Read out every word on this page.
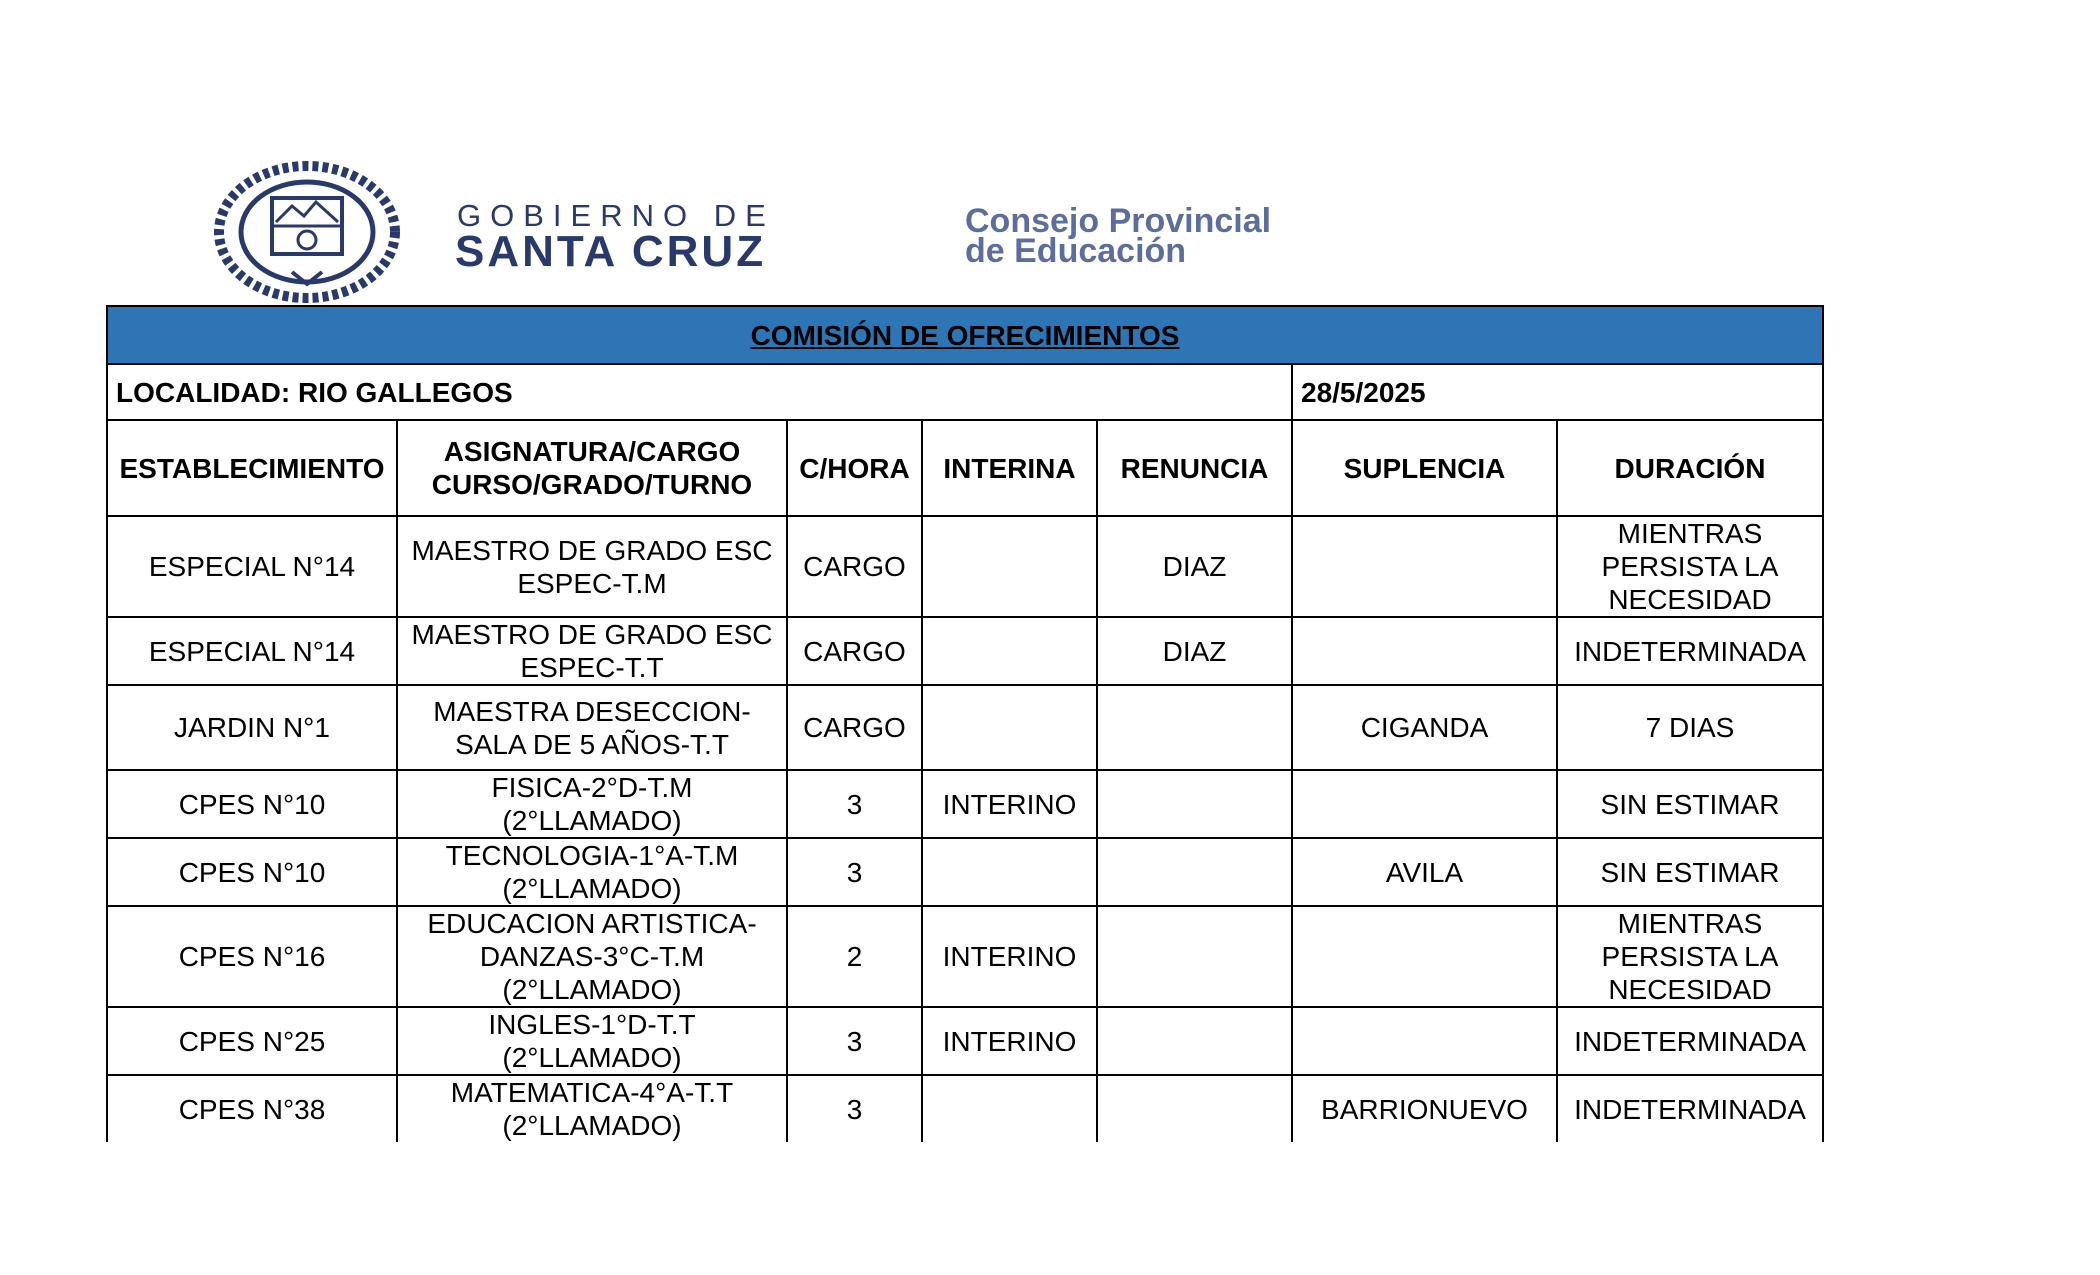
GOBIERNO DE
SANTA CRUZ
Consejo Provincial
de Educación
COMISIÓN DE OFRECIMIENTOS						
LOCALIDAD: RIO GALLEGOS					28/5/2025	
ESTABLECIMIENTO	ASIGNATURA/CARGO CURSO/GRADO/TURNO	C/HORA	INTERINA	RENUNCIA	SUPLENCIA	DURACIÓN
ESPECIAL N°14	MAESTRO DE GRADO ESC ESPEC-T.M	CARGO		DIAZ		MIENTRAS PERSISTA LA NECESIDAD
ESPECIAL N°14	MAESTRO DE GRADO ESC ESPEC-T.T	CARGO		DIAZ		INDETERMINADA
JARDIN N°1	MAESTRA DESECCION-SALA DE 5 AÑOS-T.T	CARGO			CIGANDA	7 DIAS
CPES N°10	FISICA-2°D-T.M (2°LLAMADO)	3	INTERINO			SIN ESTIMAR
CPES N°10	TECNOLOGIA-1°A-T.M (2°LLAMADO)	3			AVILA	SIN ESTIMAR
CPES N°16	EDUCACION ARTISTICA-DANZAS-3°C-T.M (2°LLAMADO)	2	INTERINO			MIENTRAS PERSISTA LA NECESIDAD
CPES N°25	INGLES-1°D-T.T (2°LLAMADO)	3	INTERINO			INDETERMINADA
CPES N°38	MATEMATICA-4°A-T.T (2°LLAMADO)	3			BARRIONUEVO	INDETERMINADA
